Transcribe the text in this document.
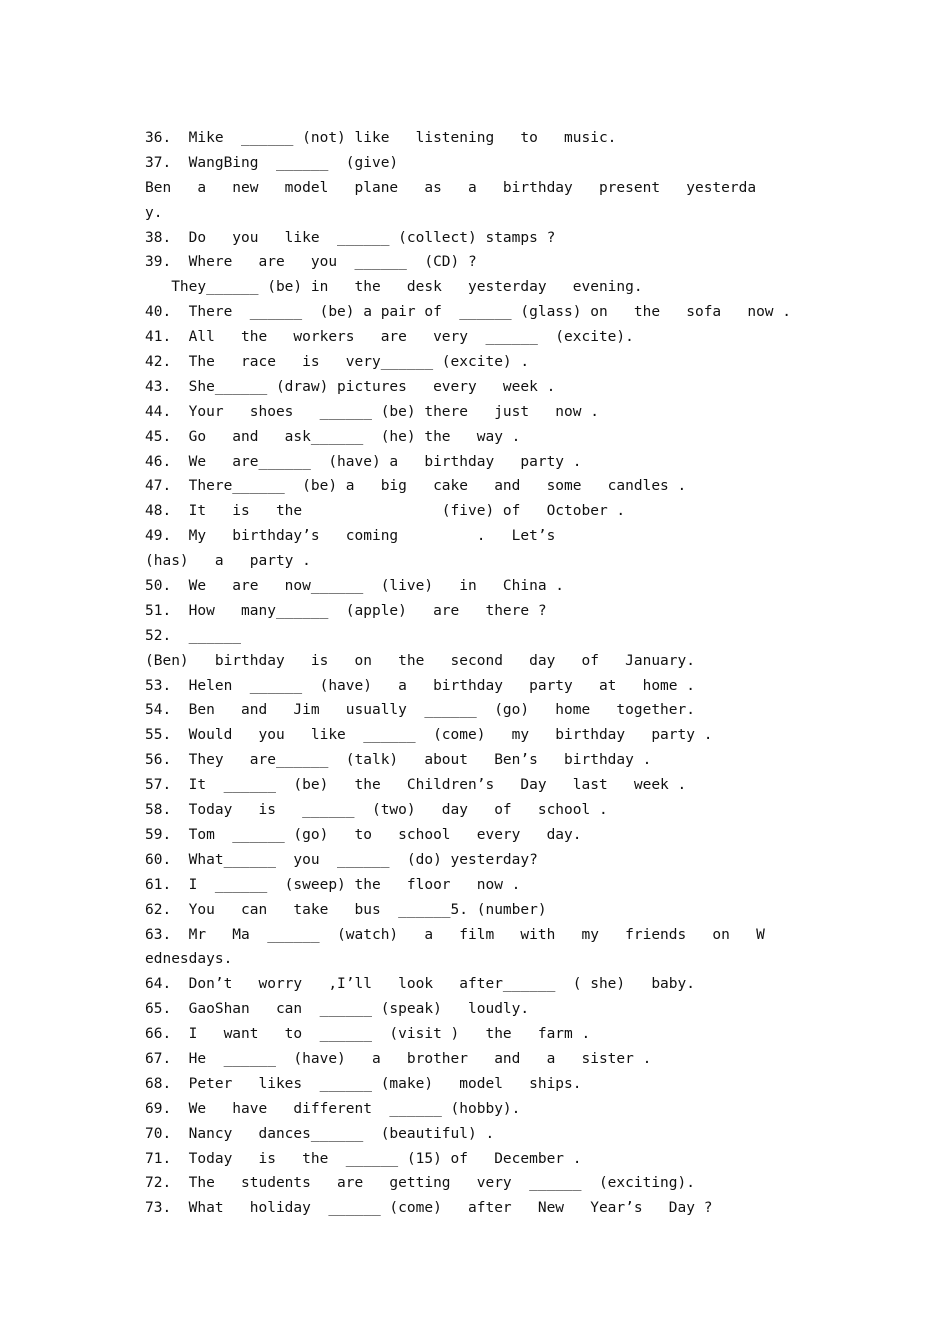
36.  Mike  ______ (not) like   listening   to   music.
37.  WangBing  ______  (give)
Ben   a   new   model   plane   as   a   birthday   present   yesterda
y.
38.  Do   you   like  ______ (collect) stamps ?
39.  Where   are   you  ______  (CD) ?
They______ (be) in   the   desk   yesterday   evening.
40.  There  ______  (be) a pair of  ______ (glass) on   the   sofa   now .
41.  All   the   workers   are   very  ______  (excite).
42.  The   race   is   very______ (excite) .
43.  She______ (draw) pictures   every   week .
44.  Your   shoes   ______ (be) there   just   now .
45.  Go   and   ask______  (he) the   way .
46.  We   are______  (have) a   birthday   party .
47.  There______  (be) a   big   cake   and   some   candles .
48.  It   is   the                (five) of   October .
49.  My   birthday’s   coming         .   Let’s
(has)   a   party .
50.  We   are   now______  (live)   in   China .
51.  How   many______  (apple)   are   there ?
52.  ______
(Ben)   birthday   is   on   the   second   day   of   January.
53.  Helen  ______  (have)   a   birthday   party   at   home .
54.  Ben   and   Jim   usually  ______  (go)   home   together.
55.  Would   you   like  ______  (come)   my   birthday   party .
56.  They   are______  (talk)   about   Ben’s   birthday .
57.  It  ______  (be)   the   Children’s   Day   last   week .
58.  Today   is   ______  (two)   day   of   school .
59.  Tom  ______ (go)   to   school   every   day.
60.  What______  you  ______  (do) yesterday?
61.  I  ______  (sweep) the   floor   now .
62.  You   can   take   bus  ______5. (number)
63.  Mr   Ma  ______  (watch)   a   film   with   my   friends   on   W
ednesdays.
64.  Don’t   worry   ,I’ll   look   after______  ( she)   baby.
65.  GaoShan   can  ______ (speak)   loudly.
66.  I   want   to  ______  (visit )   the   farm .
67.  He  ______  (have)   a   brother   and   a   sister .
68.  Peter   likes  ______ (make)   model   ships.
69.  We   have   different  ______ (hobby).
70.  Nancy   dances______  (beautiful) .
71.  Today   is   the  ______ (15) of   December .
72.  The   students   are   getting   very  ______  (exciting).
73.  What   holiday  ______ (come)   after   New   Year’s   Day ?
